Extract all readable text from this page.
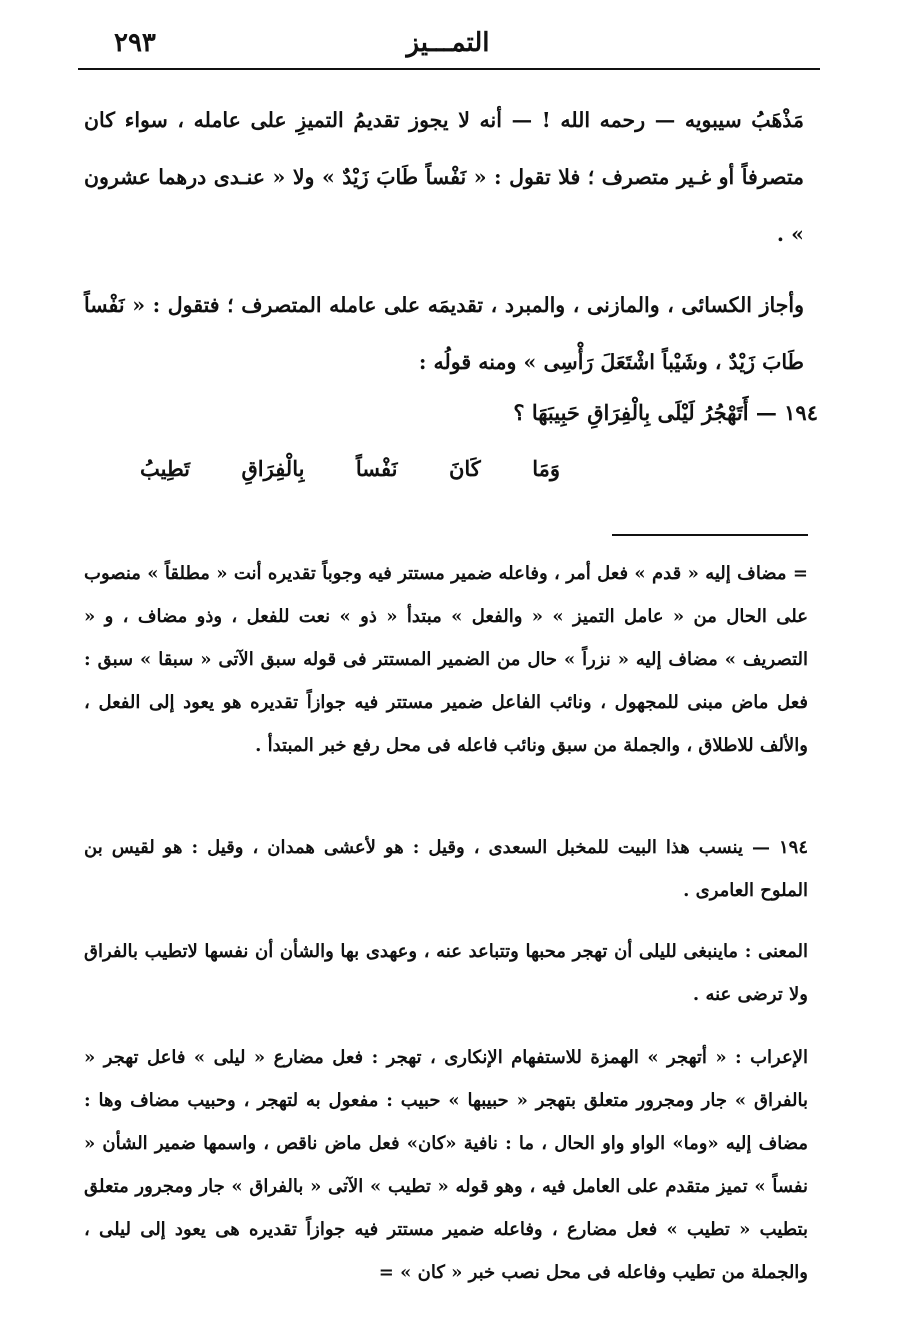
التمـــيز
٢٩٣

مَذْهَبُ سيبويه — رحمه الله ! — أنه لا يجوز تقديمُ التميزِ على عامله ، سواء كان متصرفاً أو غـير متصرف ؛ فلا تقول : « نَفْساً طَابَ زَيْدٌ » ولا « عنـدى درهما عشرون » .

وأجاز الكسائى ، والمازنى ، والمبرد ، تقديمَه على عامله المتصرف ؛ فتقول : « نَفْساً طَابَ زَيْدٌ ، وشَيْباً اشْتَعَلَ رَأْسِى » ومنه قولُه :

١٩٤ — أَتَهْجُرُ لَيْلَى بِالْفِرَاقِ حَبِيبَهَا ؟
وَمَا كَانَ نَفْساً بِالْفِرَاقِ تَطِيبُ

= مضاف إليه « قدم » فعل أمر ، وفاعله ضمير مستتر فيه وجوباً تقديره أنت « مطلقاً » منصوب على الحال من « عامل التميز » « والفعل » مبتدأ « ذو » نعت للفعل ، وذو مضاف ، و « التصريف » مضاف إليه « نزراً » حال من الضمير المستتر فى قوله سبق الآتى « سبقا » سبق : فعل ماض مبنى للمجهول ، ونائب الفاعل ضمير مستتر فيه جوازاً تقديره هو يعود إلى الفعل ، والألف للاطلاق ، والجملة من سبق ونائب فاعله فى محل رفع خبر المبتدأ .

١٩٤ — ينسب هذا البيت للمخبل السعدى ، وقيل : هو لأعشى همدان ، وقيل : هو لقيس بن الملوح العامرى .

المعنى : ماينبغى لليلى أن تهجر محبها وتتباعد عنه ، وعهدى بها والشأن أن نفسها لاتطيب بالفراق ولا ترضى عنه .

الإعراب : « أتهجر » الهمزة للاستفهام الإنكارى ، تهجر : فعل مضارع « ليلى » فاعل تهجر « بالفراق » جار ومجرور متعلق بتهجر « حبيبها » حبيب : مفعول به لتهجر ، وحبيب مضاف وها : مضاف إليه «وما» الواو واو الحال ، ما : نافية «كان» فعل ماض ناقص ، واسمها ضمير الشأن « نفساً » تميز متقدم على العامل فيه ، وهو قوله « تطيب » الآتى « بالفراق » جار ومجرور متعلق بتطيب « تطيب » فعل مضارع ، وفاعله ضمير مستتر فيه جوازاً تقديره هى يعود إلى ليلى ، والجملة من تطيب وفاعله فى محل نصب خبر « كان » =
